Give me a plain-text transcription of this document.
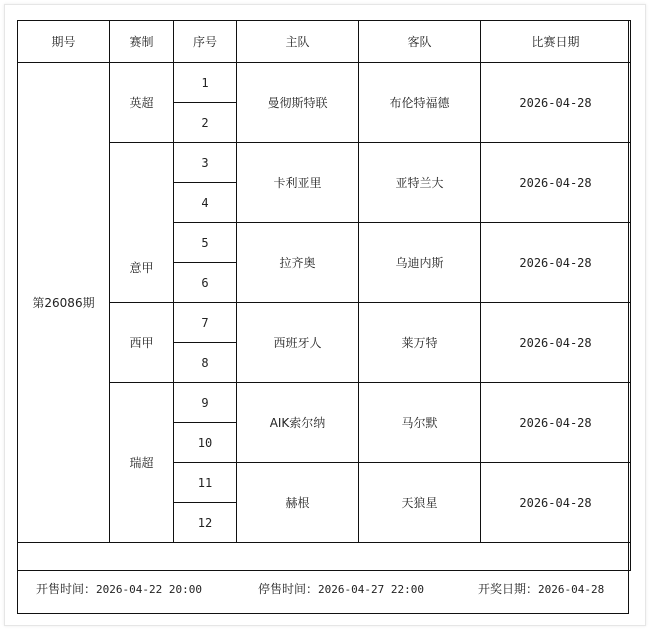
期号	赛制	序号	主队	客队	比赛日期
第26086期	英超	1	曼彻斯特联	布伦特福德	2026-04-28
		2			
	意甲	3	卡利亚里	亚特兰大	2026-04-28
		4			
		5	拉齐奥	乌迪内斯	2026-04-28
		6			
	西甲	7	西班牙人	莱万特	2026-04-28
		8			
	瑞超	9	AIK索尔纳	马尔默	2026-04-28
		10			
		11	赫根	天狼星	2026-04-28
		12			

开售时间：2026-04-22 20:00	停售时间：2026-04-27 22:00	开奖日期：2026-04-28
